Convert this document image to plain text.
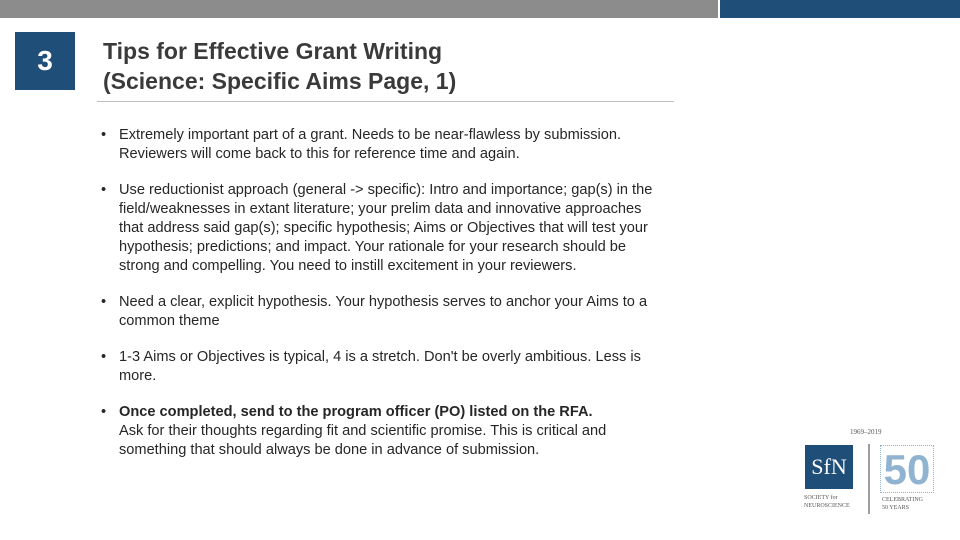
3 Tips for Effective Grant Writing
(Science: Specific Aims Page, 1)
• Extremely important part of a grant. Needs to be near-flawless by submission. Reviewers will come back to this for reference time and again.
• Use reductionist approach (general -> specific): Intro and importance; gap(s) in the field/weaknesses in extant literature; your prelim data and innovative approaches that address said gap(s); specific hypothesis; Aims or Objectives that will test your hypothesis; predictions; and impact. Your rationale for your research should be strong and compelling. You need to instill excitement in your reviewers.
• Need a clear, explicit hypothesis. Your hypothesis serves to anchor your Aims to a common theme
• 1-3 Aims or Objectives is typical, 4 is a stretch. Don't be overly ambitious. Less is more.
• Once completed, send to the program officer (PO) listed on the RFA.
Ask for their thoughts regarding fit and scientific promise. This is critical and something that should always be done in advance of submission.
1969–2019
SfN 50
SOCIETY for
NEUROSCIENCE
CELEBRATING
50 YEARS
